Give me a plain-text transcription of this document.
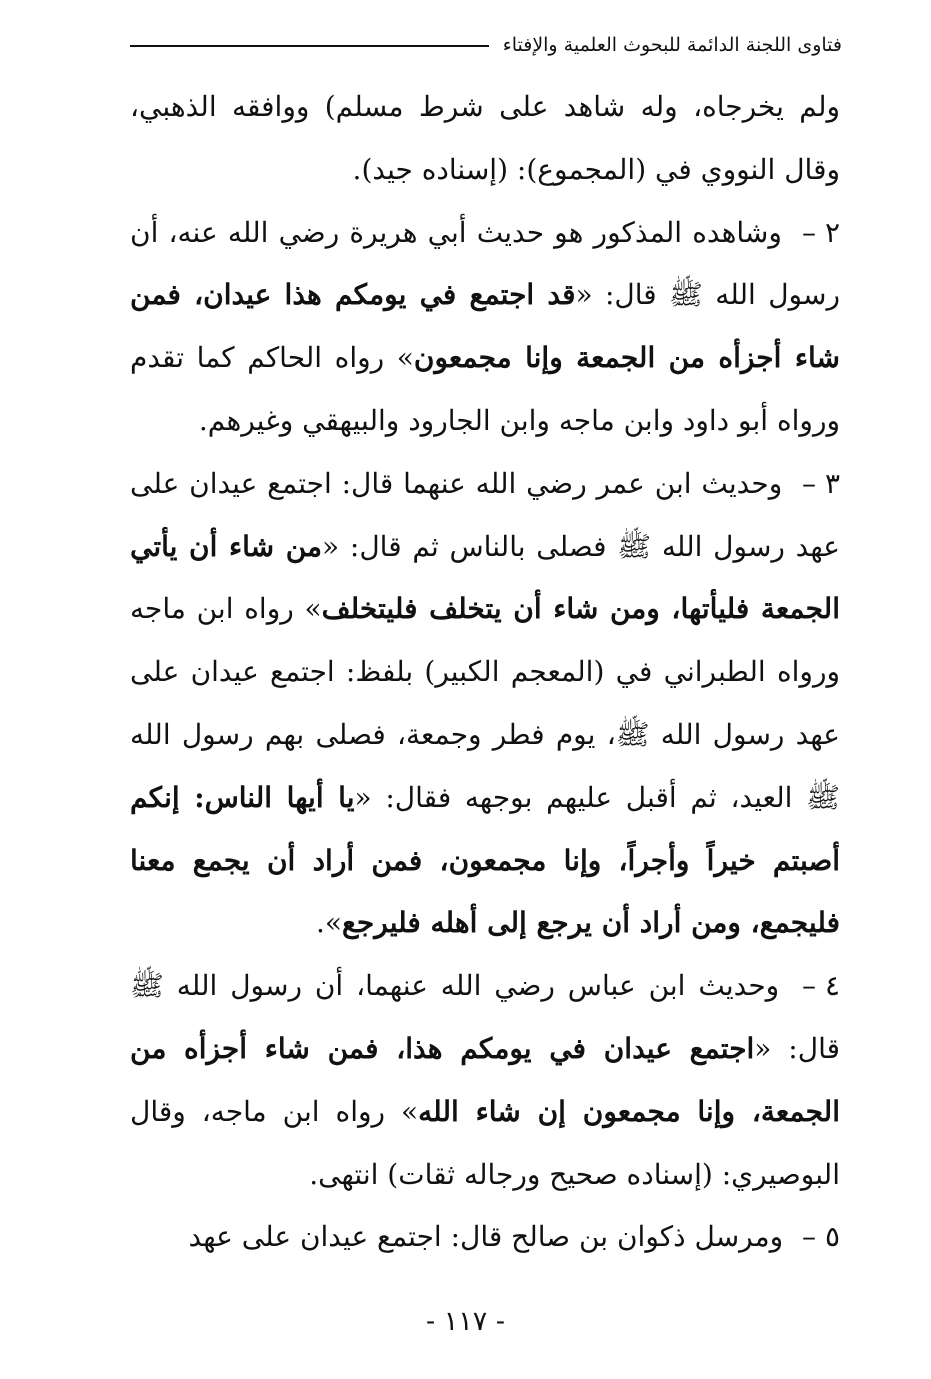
فتاوى اللجنة الدائمة للبحوث العلمية والإفتاء

ولم يخرجاه، وله شاهد على شرط مسلم) ووافقه الذهبي، وقال النووي في (المجموع): (إسناده جيد).

٢ – وشاهده المذكور هو حديث أبي هريرة رضي الله عنه، أن رسول الله ﷺ قال: «قد اجتمع في يومكم هذا عيدان، فمن شاء أجزأه من الجمعة وإنا مجمعون» رواه الحاكم كما تقدم ورواه أبو داود وابن ماجه وابن الجارود والبيهقي وغيرهم.

٣ – وحديث ابن عمر رضي الله عنهما قال: اجتمع عيدان على عهد رسول الله ﷺ فصلى بالناس ثم قال: «من شاء أن يأتي الجمعة فليأتها، ومن شاء أن يتخلف فليتخلف» رواه ابن ماجه ورواه الطبراني في (المعجم الكبير) بلفظ: اجتمع عيدان على عهد رسول الله ﷺ، يوم فطر وجمعة، فصلى بهم رسول الله ﷺ العيد، ثم أقبل عليهم بوجهه فقال: «يا أيها الناس: إنكم أصبتم خيراً وأجراً، وإنا مجمعون، فمن أراد أن يجمع معنا فليجمع، ومن أراد أن يرجع إلى أهله فليرجع».

٤ – وحديث ابن عباس رضي الله عنهما، أن رسول الله ﷺ قال: «اجتمع عيدان في يومكم هذا، فمن شاء أجزأه من الجمعة، وإنا مجمعون إن شاء الله» رواه ابن ماجه، وقال البوصيري: (إسناده صحيح ورجاله ثقات) انتهى.

٥ – ومرسل ذكوان بن صالح قال: اجتمع عيدان على عهد

- ١١٧ -
